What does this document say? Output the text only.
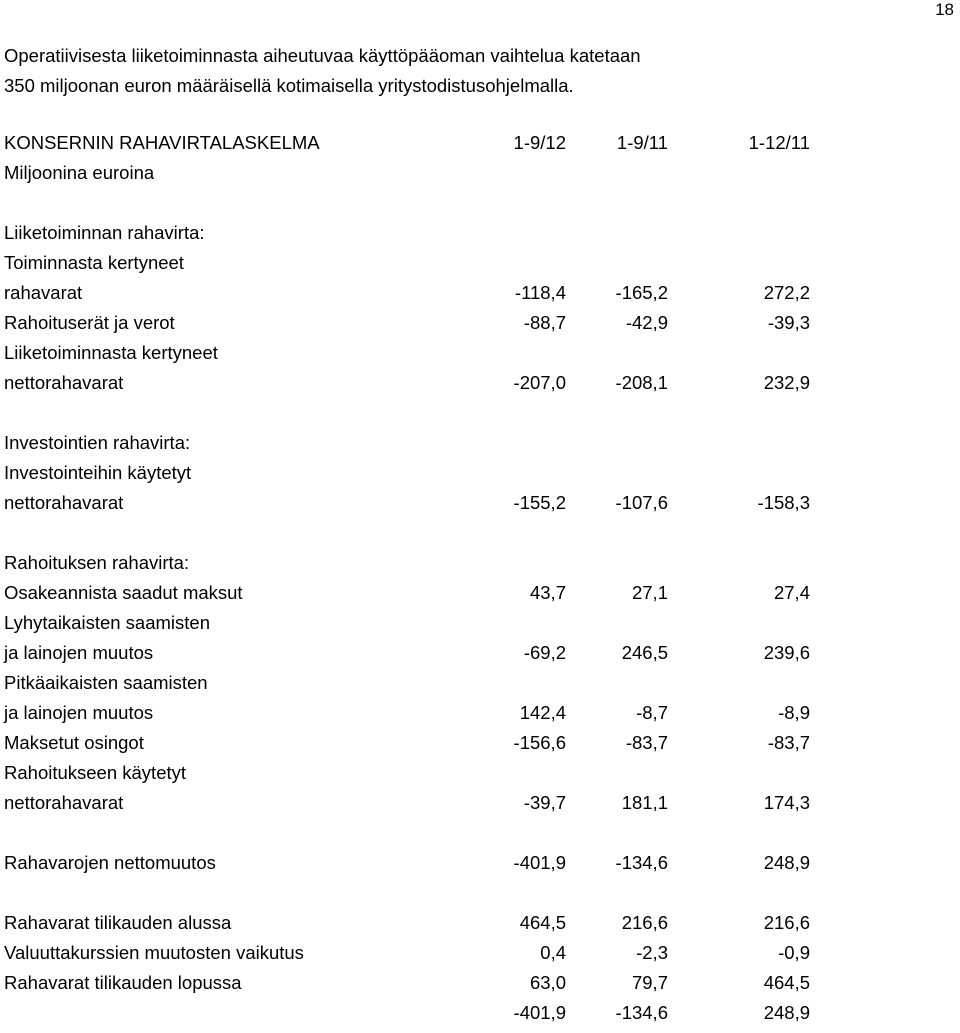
18
Operatiivisesta liiketoiminnasta aiheutuvaa käyttöpääoman vaihtelua katetaan
350 miljoonan euron määräisellä kotimaisella yritystodistusohjelmalla.
KONSERNIN RAHAVIRTALASKELMA	1-9/12	1-9/11	1-12/11
Miljoonina euroina			

Liiketoiminnan rahavirta:			
Toiminnasta kertyneet			
rahavarat	-118,4	-165,2	272,2
Rahoituserät ja verot	-88,7	-42,9	-39,3
Liiketoiminnasta kertyneet			
nettorahavarat	-207,0	-208,1	232,9

Investointien rahavirta:			
Investointeihin käytetyt			
nettorahavarat	-155,2	-107,6	-158,3

Rahoituksen rahavirta:			
Osakeannista saadut maksut	43,7	27,1	27,4
Lyhytaikaisten saamisten			
ja lainojen muutos	-69,2	246,5	239,6
Pitkäaikaisten saamisten			
ja lainojen muutos	142,4	-8,7	-8,9
Maksetut osingot	-156,6	-83,7	-83,7
Rahoitukseen käytetyt			
nettorahavarat	-39,7	181,1	174,3

Rahavarojen nettomuutos	-401,9	-134,6	248,9

Rahavarat tilikauden alussa	464,5	216,6	216,6
Valuuttakurssien muutosten vaikutus	0,4	-2,3	-0,9
Rahavarat tilikauden lopussa	63,0	79,7	464,5
	-401,9	-134,6	248,9
